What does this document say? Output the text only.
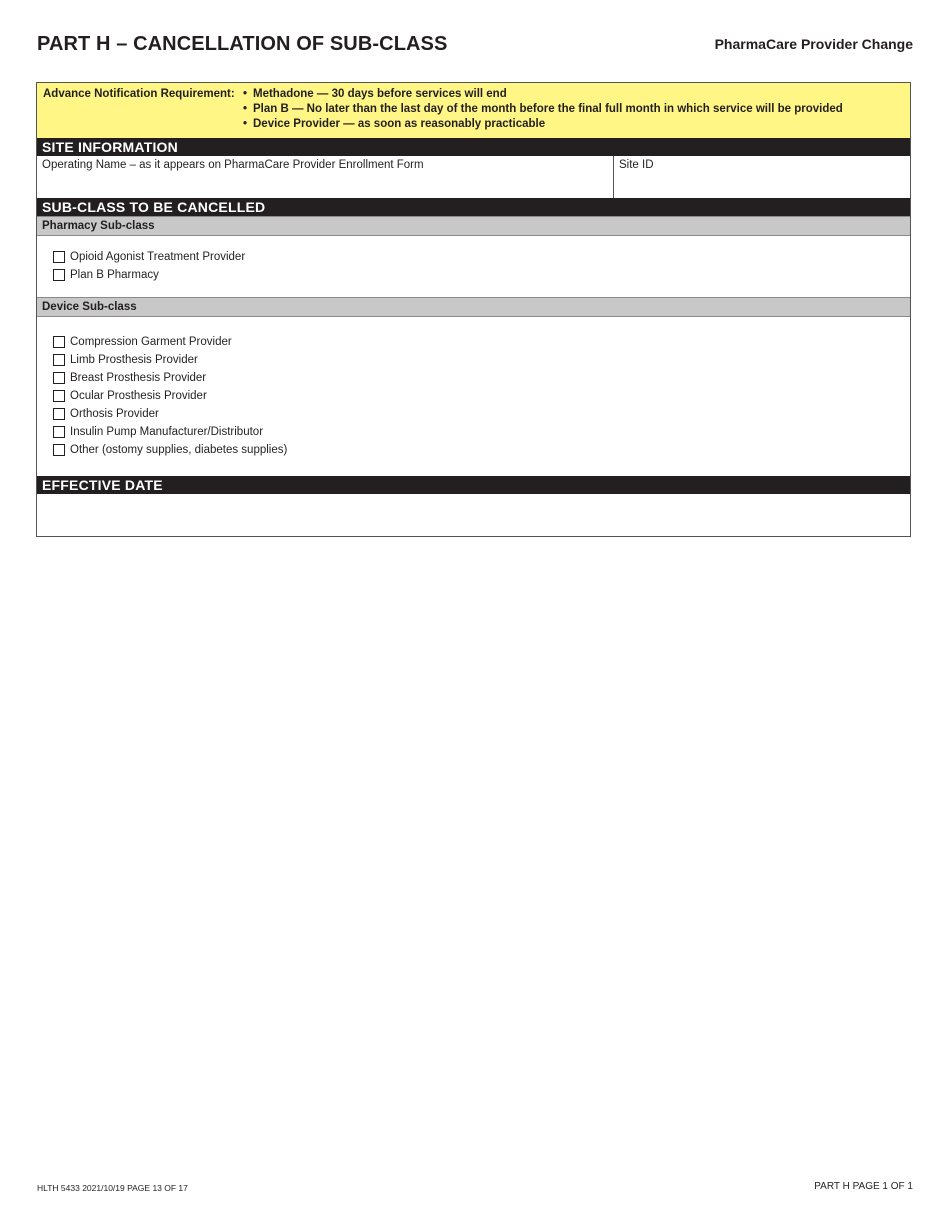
PART H – CANCELLATION OF SUB-CLASS	PharmaCare Provider Change
Advance Notification Requirement:
•	Methadone — 30 days before services will end
• Plan B — No later than the last day of the month before the final full month in which service will be provided
• Device Provider — as soon as reasonably practicable
SITE INFORMATION
Operating Name – as it appears on PharmaCare Provider Enrollment Form	Site ID
SUB-CLASS TO BE CANCELLED
Pharmacy Sub-class
Opioid Agonist Treatment Provider
Plan B Pharmacy
Device Sub-class
Compression Garment Provider
Limb Prosthesis Provider
Breast Prosthesis Provider
Ocular Prosthesis Provider
Orthosis Provider
Insulin Pump Manufacturer/Distributor
Other (ostomy supplies, diabetes supplies)
EFFECTIVE DATE
HLTH 5433 2021/10/19 PAGE 13 OF 17	PART H PAGE 1 OF 1
